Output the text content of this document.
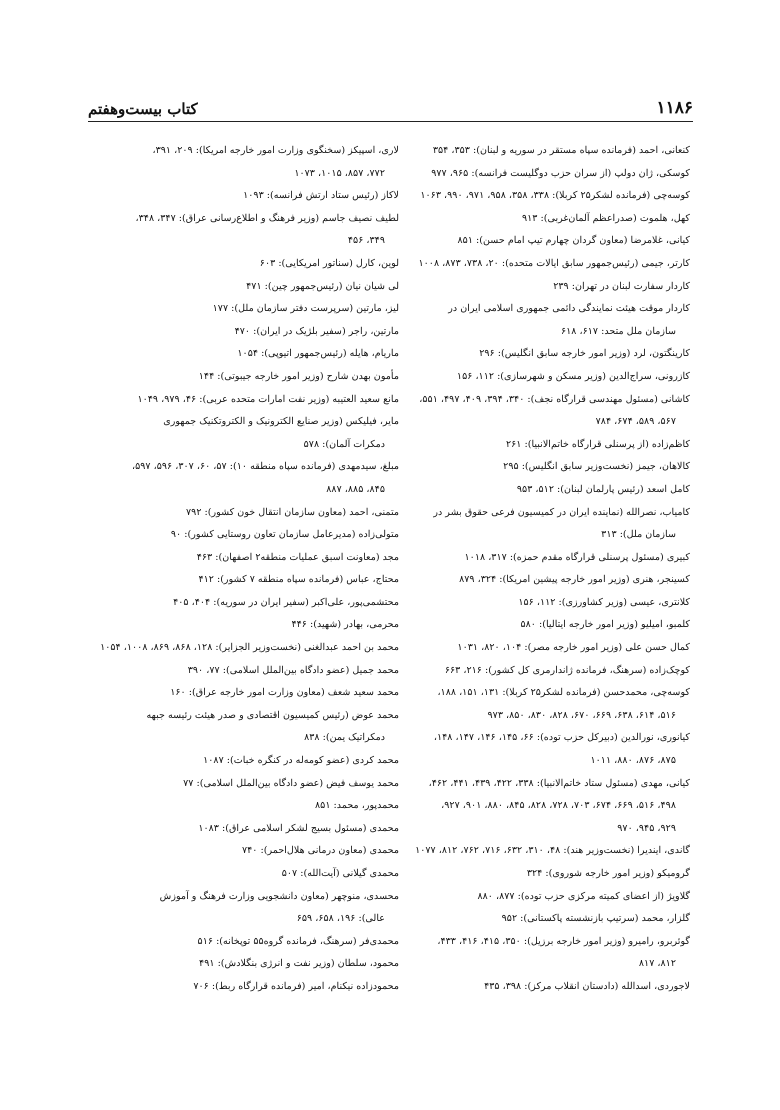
۱۱۸۶
کتاب بیست‌وهفتم
کنعانی، احمد (فرمانده سپاه مستقر در سوریه و لبنان): ۳۵۳، ۳۵۴
کوسکی، ژان دولپ (از سران حزب دوگلیست فرانسه): ۹۶۵، ۹۷۷
کوسه‌چی (فرمانده لشکر۲۵ کربلا): ۳۳۸، ۳۵۸، ۹۵۸، ۹۷۱، ۹۹۰، ۱۰۶۳
کهل، هلموت (صدراعظم آلمان‌غربی): ۹۱۳
کیانی، غلامرضا (معاون گردان چهارم تیپ امام حسن): ۸۵۱
کارتر، جیمی (رئیس‌جمهور سابق ایالات متحده): ۲۰، ۷۳۸، ۸۷۳، ۱۰۰۸
کاردار سفارت لبنان در تهران: ۲۳۹
کاردار موقت هیئت نمایندگی دائمی جمهوری اسلامی ایران در
سازمان ملل متحد: ۶۱۷، ۶۱۸
کارینگتون، لرد (وزیر امور خارجه سابق انگلیس): ۲۹۶
کازرونی، سراج‌الدین (وزیر مسکن و شهرسازی): ۱۱۲، ۱۵۶
کاشانی (مسئول مهندسی قرارگاه نجف): ۳۴۰، ۳۹۴، ۴۰۹، ۴۹۷، ۵۵۱،
۵۶۷، ۵۸۹، ۶۷۴، ۷۸۴
کاظم‌زاده (از پرسنلی قرارگاه خاتم‌الانبیا): ۲۶۱
کالاهان، جیمز (نخست‌وزیر سابق انگلیس): ۲۹۵
کامل اسعد (رئیس پارلمان لبنان): ۵۱۲، ۹۵۳
کامیاب، نصرالله (نماینده ایران در کمیسیون فرعی حقوق بشر در
سازمان ملل): ۳۱۳
کبیری (مسئول پرسنلی قرارگاه مقدم حمزه): ۳۱۷، ۱۰۱۸
کسینجر، هنری (وزیر امور خارجه پیشین امریکا): ۳۲۴، ۸۷۹
کلانتری، عیسی (وزیر کشاورزی): ۱۱۲، ۱۵۶
کلمبو، امیلیو (وزیر امور خارجه ایتالیا): ۵۸۰
کمال حسن علی (وزیر امور خارجه مصر): ۱۰۴، ۸۲۰، ۱۰۳۱
کوچک‌زاده (سرهنگ، فرمانده ژاندارمری کل کشور): ۲۱۶، ۶۶۳
کوسه‌چی، محمدحسن (فرمانده لشکر۲۵ کربلا): ۱۳۱، ۱۵۱، ۱۸۸،
۵۱۶، ۶۱۴، ۶۳۸، ۶۶۹، ۶۷۰، ۸۲۸، ۸۳۰، ۸۵۰، ۹۷۳
کیانوری، نورالدین (دبیرکل حزب توده): ۶۶، ۱۴۵، ۱۴۶، ۱۴۷، ۱۴۸،
۸۷۵، ۸۷۶، ۸۸۰، ۱۰۱۱
کیانی، مهدی (مسئول ستاد خاتم‌الانبیا): ۳۳۸، ۴۲۲، ۴۳۹، ۴۴۱، ۴۶۲،
۴۹۸، ۵۱۶، ۶۶۹، ۶۷۴، ۷۰۳، ۷۲۸، ۸۲۸، ۸۴۵، ۸۸۰، ۹۰۱، ۹۲۷،
۹۲۹، ۹۴۵، ۹۷۰
گاندی، ایندیرا (نخست‌وزیر هند): ۴۸، ۳۱۰، ۶۳۲، ۷۱۶، ۷۶۲، ۸۱۲، ۱۰۷۷
گرومیکو (وزیر امور خارجه شوروی): ۳۲۴
گلاویژ (از اعضای کمیته مرکزی حزب توده): ۸۷۷، ۸۸۰
گلزار، محمد (سرتیپ بازنشسته پاکستانی): ۹۵۲
گوئربرو، رامیرو (وزیر امور خارجه برزیل): ۳۵۰، ۴۱۵، ۴۱۶، ۴۳۳،
۸۱۲، ۸۱۷
لاجوردی، اسدالله (دادستان انقلاب مرکز): ۳۹۸، ۴۳۵
لاری، اسپیکز (سخنگوی وزارت امور خارجه امریکا): ۲۰۹، ۳۹۱،
۷۷۲، ۸۵۷، ۱۰۱۵، ۱۰۷۳
لاکاز (رئیس ستاد ارتش فرانسه): ۱۰۹۳
لطیف نصیف جاسم (وزیر فرهنگ و اطلاع‌رسانی عراق): ۳۴۷، ۳۴۸،
۳۴۹، ۴۵۶
لوین، کارل (سناتور امریکایی): ۶۰۳
لی شیان نیان (رئیس‌جمهور چین): ۴۷۱
لیز، مارتین (سرپرست دفتر سازمان ملل): ۱۷۷
مارتین، راجر (سفیر بلژیک در ایران): ۴۷۰
ماریام، هایله (رئیس‌جمهور اتیوپی): ۱۰۵۴
مأمون بهدن شارح (وزیر امور خارجه جیبوتی): ۱۴۴
مانع سعید العتیبه (وزیر نفت امارات متحده عربی): ۴۶، ۹۷۹، ۱۰۴۹
مایر، فیلیکس (وزیر صنایع الکترونیک و الکتروتکنیک جمهوری
دمکرات آلمان): ۵۷۸
مبلغ، سیدمهدی (فرمانده سپاه منطقه ۱۰): ۵۷، ۶۰، ۳۰۷، ۵۹۶، ۵۹۷،
۸۴۵، ۸۸۵، ۸۸۷
متمنی، احمد (معاون سازمان انتقال خون کشور): ۷۹۲
متولی‌زاده (مدیرعامل سازمان تعاون روستایی کشور): ۹۰
مجد (معاونت اسبق عملیات منطقه۲ اصفهان): ۴۶۳
محتاج، عباس (فرمانده سپاه منطقه ۷ کشور): ۴۱۲
محتشمی‌پور، علی‌اکبر (سفیر ایران در سوریه): ۴۰۴، ۴۰۵
محرمی، بهادر (شهید): ۴۴۶
محمد بن احمد عبدالغنی (نخست‌وزیر الجزایر): ۱۲۸، ۸۶۸، ۸۶۹، ۱۰۰۸، ۱۰۵۴
محمد جمیل (عضو دادگاه بین‌الملل اسلامی): ۷۷، ۳۹۰
محمد سعید شعف (معاون وزارت امور خارجه عراق): ۱۶۰
محمد عوض (رئیس کمیسیون اقتصادی و صدر هیئت رئیسه جبهه
دمکراتیک یمن): ۸۳۸
محمد کردی (عضو کومه‌له در کنگره خبات): ۱۰۸۷
محمد یوسف فیض (عضو دادگاه بین‌الملل اسلامی): ۷۷
محمدپور، محمد: ۸۵۱
محمدی (مسئول بسیج لشکر اسلامی عراق): ۱۰۸۳
محمدی (معاون درمانی هلال‌احمر): ۷۴۰
محمدی گیلانی (آیت‌الله): ۵۰۷
محسدی، منوچهر (معاون دانشجویی وزارت فرهنگ و آموزش
عالی): ۱۹۶، ۶۵۸، ۶۵۹
محمدی‌فر (سرهنگ، فرمانده گروه۵۵ توپخانه): ۵۱۶
محمود، سلطان (وزیر نفت و انرژی بنگلادش): ۴۹۱
محمودزاده نیکنام، امیر (فرمانده قرارگاه ربط): ۷۰۶
